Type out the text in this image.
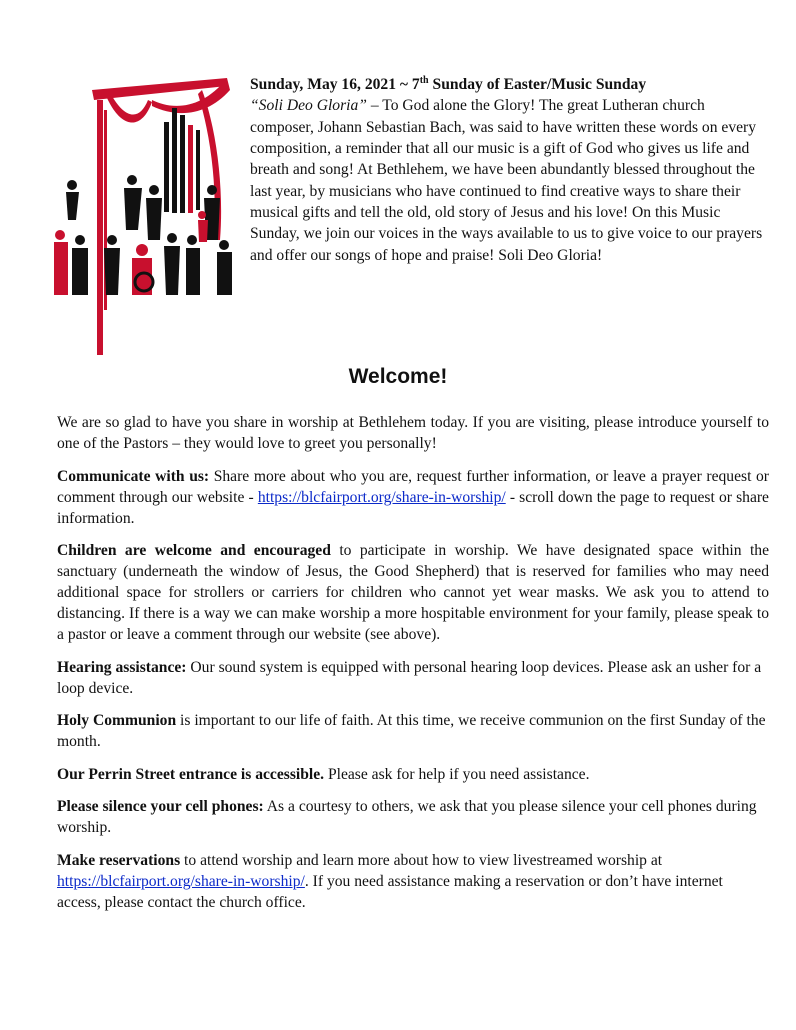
Sunday, May 16, 2021 ~ 7th Sunday of Easter/Music Sunday
“Soli Deo Gloria” – To God alone the Glory! The great Lutheran church composer, Johann Sebastian Bach, was said to have written these words on every composition, a reminder that all our music is a gift of God who gives us life and breath and song! At Bethlehem, we have been abundantly blessed throughout the last year, by musicians who have continued to find creative ways to share their musical gifts and tell the old, old story of Jesus and his love! On this Music Sunday, we join our voices in the ways available to us to give voice to our prayers and offer our songs of hope and praise! Soli Deo Gloria!
Welcome!

We are so glad to have you share in worship at Bethlehem today. If you are visiting, please introduce yourself to one of the Pastors – they would love to greet you personally!

Communicate with us: Share more about who you are, request further information, or leave a prayer request or comment through our website - https://blcfairport.org/share-in-worship/ - scroll down the page to request or share information.

Children are welcome and encouraged to participate in worship. We have designated space within the sanctuary (underneath the window of Jesus, the Good Shepherd) that is reserved for families who may need additional space for strollers or carriers for children who cannot yet wear masks. We ask you to attend to distancing. If there is a way we can make worship a more hospitable environment for your family, please speak to a pastor or leave a comment through our website (see above).

Hearing assistance: Our sound system is equipped with personal hearing loop devices. Please ask an usher for a loop device.

Holy Communion is important to our life of faith. At this time, we receive communion on the first Sunday of the month.

Our Perrin Street entrance is accessible. Please ask for help if you need assistance.

Please silence your cell phones: As a courtesy to others, we ask that you please silence your cell phones during worship.

Make reservations to attend worship and learn more about how to view livestreamed worship at https://blcfairport.org/share-in-worship/. If you need assistance making a reservation or don’t have internet access, please contact the church office.
